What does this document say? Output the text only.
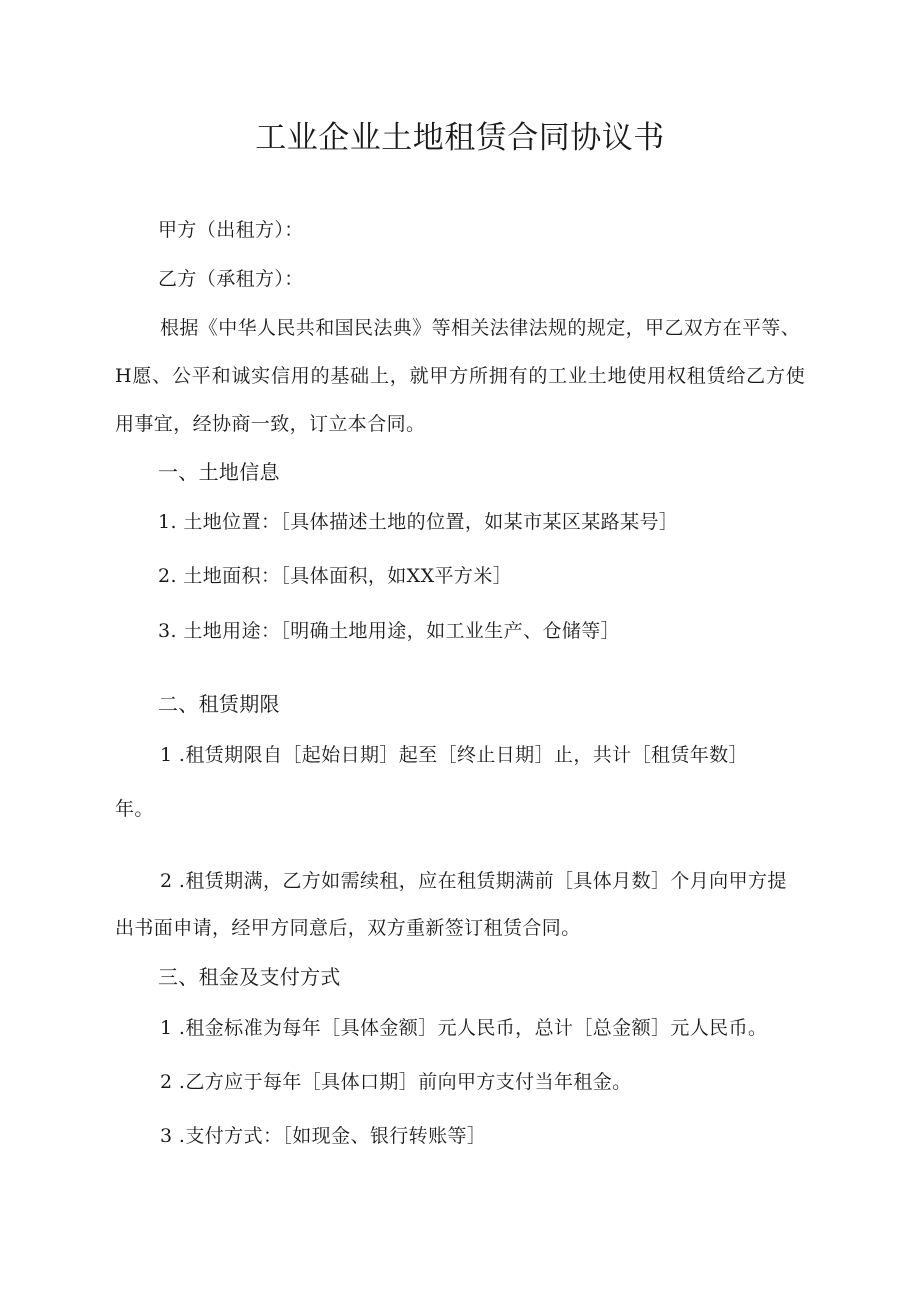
工业企业土地租赁合同协议书
甲方（出租方）：
乙方（承租方）：
根据《中华人民共和国民法典》等相关法律法规的规定，甲乙双方在平等、
H愿、公平和诚实信用的基础上，就甲方所拥有的工业土地使用权租赁给乙方使
用事宜，经协商一致，订立本合同。
一、土地信息
1. 土地位置：［具体描述土地的位置，如某市某区某路某号］
2. 土地面积：［具体面积，如XX平方米］
3. 土地用途：［明确土地用途，如工业生产、仓储等］
二、租赁期限
1 .租赁期限自［起始日期］起至［终止日期］止，共计［租赁年数］
年。
2 .租赁期满，乙方如需续租，应在租赁期满前［具体月数］个月向甲方提
出书面申请，经甲方同意后，双方重新签订租赁合同。
三、租金及支付方式
1 .租金标准为每年［具体金额］元人民币，总计［总金额］元人民币。
2 .乙方应于每年［具体口期］前向甲方支付当年租金。
3 .支付方式：［如现金、银行转账等］
